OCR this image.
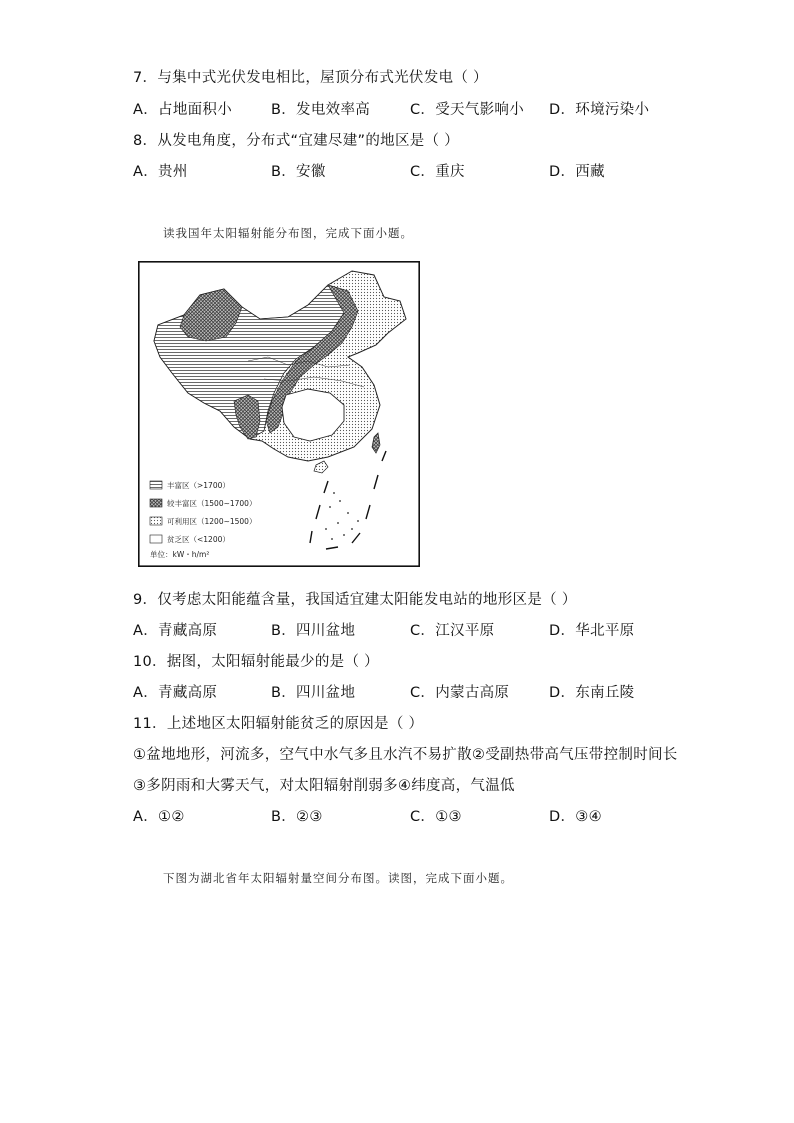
7．与集中式光伏发电相比，屋顶分布式光伏发电（ ）
A．占地面积小	B．发电效率高	C．受天气影响小 D．环境污染小
8．从发电角度，分布式“宜建尽建”的地区是（ ）
A．贵州	B．安徽	C．重庆	D．西藏
读我国年太阳辐射能分布图，完成下面小题。
丰富区（>1700）
较丰富区（1500~1700）
可利用区（1200~1500）
贫乏区（<1200）
单位：kW・h/m²
9．仅考虑太阳能蕴含量，我国适宜建太阳能发电站的地形区是（ ）
A．青藏高原	B．四川盆地	C．江汉平原	D．华北平原
10．据图，太阳辐射能最少的是（ ）
A．青藏高原	B．四川盆地	C．内蒙古高原	D．东南丘陵
11．上述地区太阳辐射能贫乏的原因是（ ）
①盆地地形，河流多，空气中水气多且水汽不易扩散②受副热带高气压带控制时间长
③多阴雨和大雾天气，对太阳辐射削弱多④纬度高，气温低
A．①②	B．②③	C．①③	D．③④
下图为湖北省年太阳辐射量空间分布图。读图，完成下面小题。
